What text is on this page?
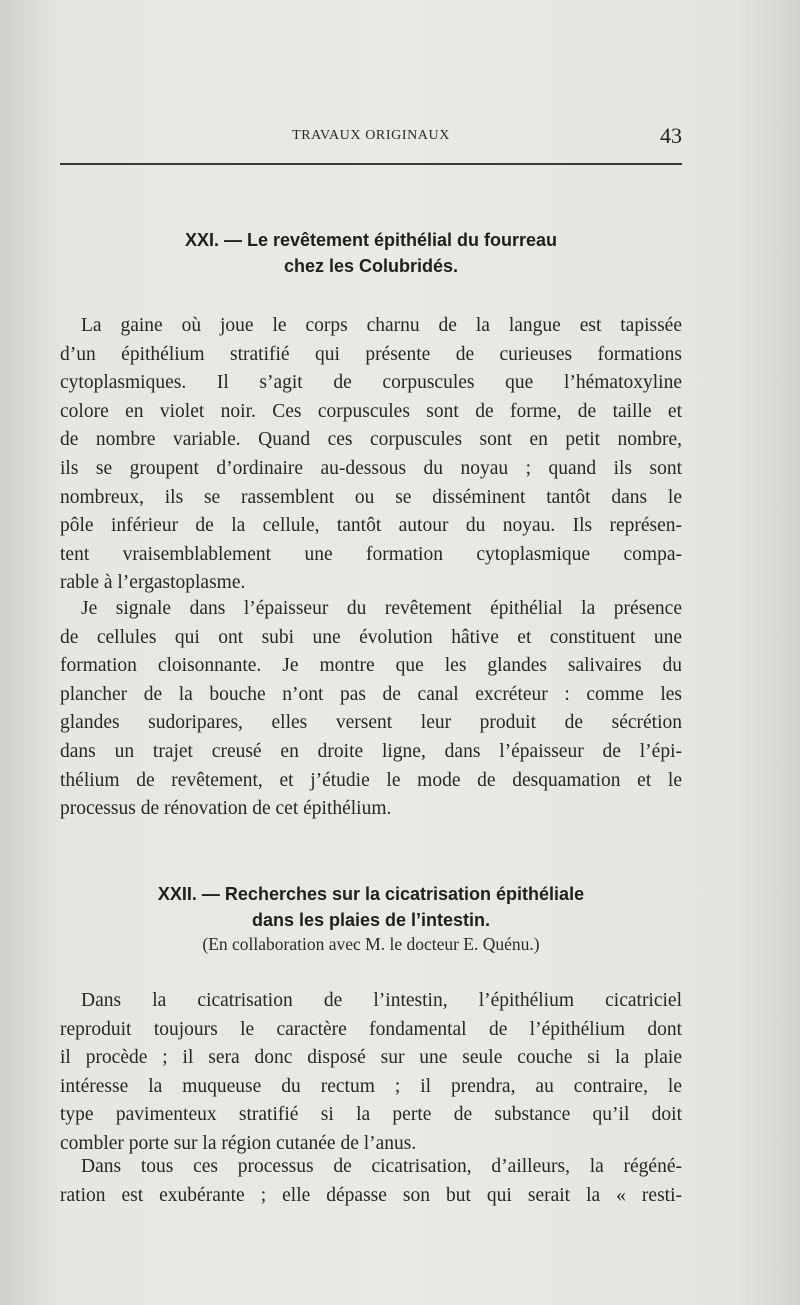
TRAVAUX ORIGINAUX	43
XXI. — Le revêtement épithélial du fourreau
chez les Colubridés.
La gaine où joue le corps charnu de la langue est tapissée
d’un épithélium stratifié qui présente de curieuses formations
cytoplasmiques. Il s’agit de corpuscules que l’hématoxyline
colore en violet noir. Ces corpuscules sont de forme, de taille et
de nombre variable. Quand ces corpuscules sont en petit nombre,
ils se groupent d’ordinaire au-dessous du noyau ; quand ils sont
nombreux, ils se rassemblent ou se disséminent tantôt dans le
pôle inférieur de la cellule, tantôt autour du noyau. Ils représen-
tent vraisemblablement une formation cytoplasmique compa-
rable à l’ergastoplasme.
Je signale dans l’épaisseur du revêtement épithélial la présence
de cellules qui ont subi une évolution hâtive et constituent une
formation cloisonnante. Je montre que les glandes salivaires du
plancher de la bouche n’ont pas de canal excréteur : comme les
glandes sudoripares, elles versent leur produit de sécrétion
dans un trajet creusé en droite ligne, dans l’épaisseur de l’épi-
thélium de revêtement, et j’étudie le mode de desquamation et le
processus de rénovation de cet épithélium.
XXII. — Recherches sur la cicatrisation épithéliale
dans les plaies de l’intestin.
(En collaboration avec M. le docteur E. Quénu.)
Dans la cicatrisation de l’intestin, l’épithélium cicatriciel
reproduit toujours le caractère fondamental de l’épithélium dont
il procède ; il sera donc disposé sur une seule couche si la plaie
intéresse la muqueuse du rectum ; il prendra, au contraire, le
type pavimenteux stratifié si la perte de substance qu’il doit
combler porte sur la région cutanée de l’anus.
Dans tous ces processus de cicatrisation, d’ailleurs, la régéné-
ration est exubérante ; elle dépasse son but qui serait la « resti-
